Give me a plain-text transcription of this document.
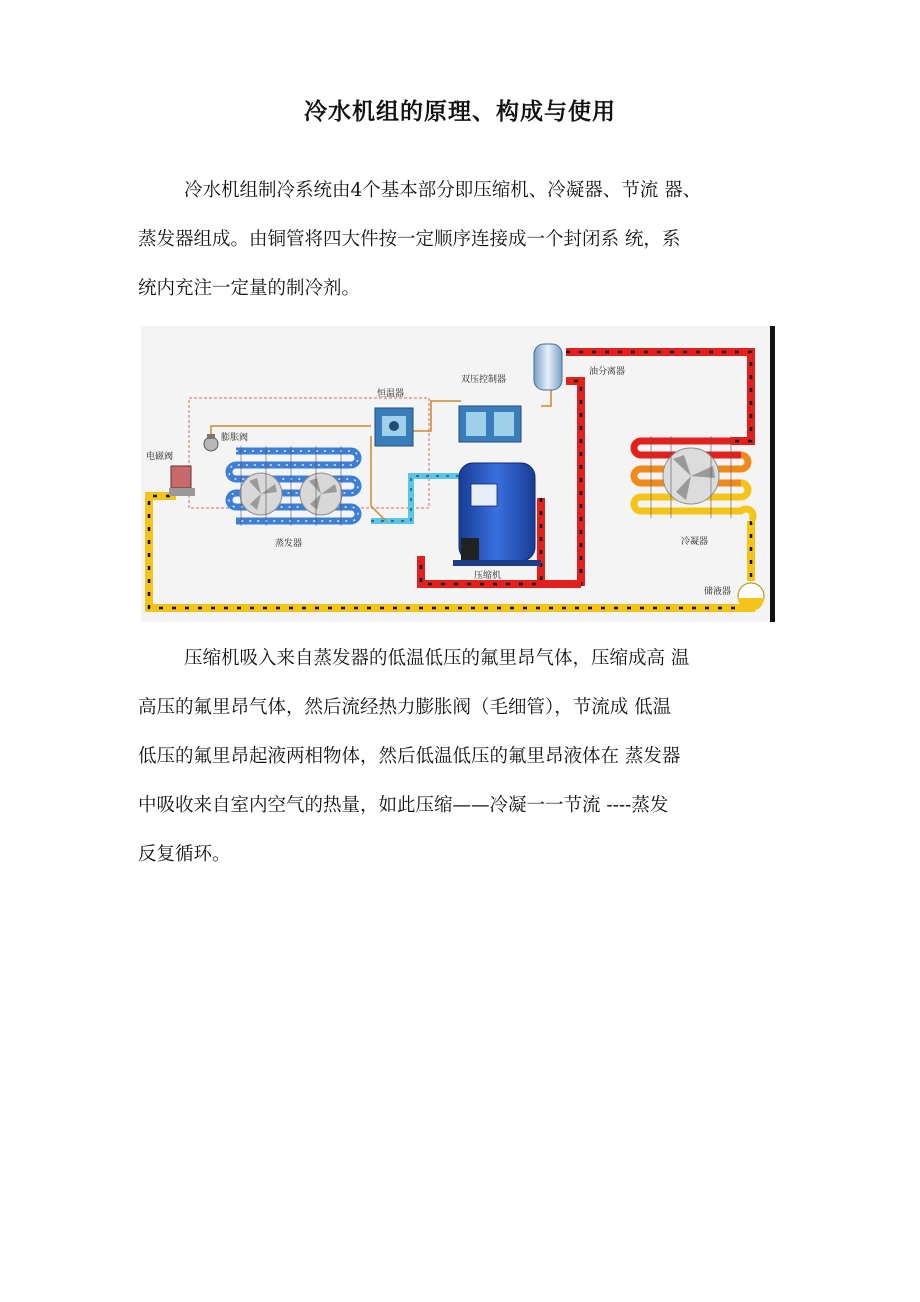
冷水机组的原理、构成与使用

冷水机组制冷系统由4个基本部分即压缩机、冷凝器、节流 器、
蒸发器组成。由铜管将四大件按一定顺序连接成一个封闭系 统，系
统内充注一定量的制冷剂。

恒温器
双压控制器
油分离器
膨胀阀
电磁阀
蒸发器
压缩机
冷凝器
储液器

压缩机吸入来自蒸发器的低温低压的氟里昂气体，压缩成高 温
高压的氟里昂气体，然后流经热力膨胀阀（毛细管），节流成 低温
低压的氟里昂起液两相物体，然后低温低压的氟里昂液体在 蒸发器
中吸收来自室内空气的热量，如此压缩——冷凝一一节流 ----蒸发
反复循环。
